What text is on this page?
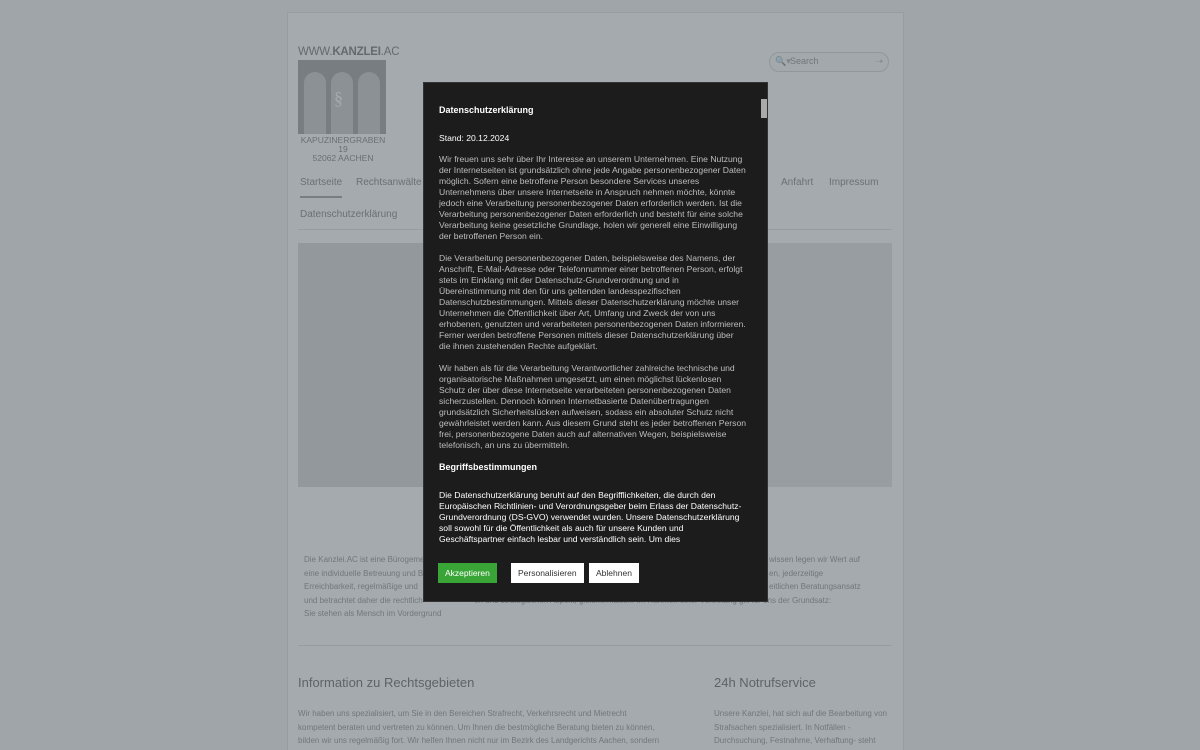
Search
Datenschutzerklärung
Stand: 20.12.2024

Wir freuen uns sehr über Ihr Interesse an unserem Unternehmen. Eine Nutzung der Internetseiten ist grundsätzlich ohne jede Angabe personenbezogener Daten möglich. Sofern eine betroffene Person besondere Services unseres Unternehmens über unsere Internetseite in Anspruch nehmen möchte, könnte jedoch eine Verarbeitung personenbezogener Daten erforderlich werden. Ist die Verarbeitung personenbezogener Daten erforderlich und besteht für eine solche Verarbeitung keine gesetzliche Grundlage, holen wir generell eine Einwilligung der betroffenen Person ein.

Die Verarbeitung personenbezogener Daten, beispielsweise des Namens, der Anschrift, E-Mail-Adresse oder Telefonnummer einer betroffenen Person, erfolgt stets im Einklang mit der Datenschutz-Grundverordnung und in Übereinstimmung mit den für uns geltenden landesspezifischen Datenschutzbestimmungen. Mittels dieser Datenschutzerklärung möchte unser Unternehmen die Öffentlichkeit über Art, Umfang und Zweck der von uns erhobenen, genutzten und verarbeiteten personenbezogenen Daten informieren. Ferner werden betroffene Personen mittels dieser Datenschutzerklärung über die ihnen zustehenden Rechte aufgeklärt.

Wir haben als für die Verarbeitung Verantwortlicher zahlreiche technische und organisatorische Maßnahmen umgesetzt, um einen möglichst lückenlosen Schutz der über diese Internetseite verarbeiteten personenbezogenen Daten sicherzustellen. Dennoch können Internetbasierte Datenübertragungen grundsätzlich Sicherheitslücken aufweisen, sodass ein absoluter Schutz nicht gewährleistet werden kann. Aus diesem Grund steht es jeder betroffenen Person frei, personenbezogene Daten auch auf alternativen Wegen, beispielsweise telefonisch, an uns zu übermitteln.

Begriffsbestimmungen

Die Datenschutzerklärung beruht auf den Begrifflichkeiten, die durch den Europäischen Richtlinien- und Verordnungsgeber beim Erlass der Datenschutz-Grundverordnung (DS-GVO) verwendet wurden. Unsere Datenschutzerklärung soll sowohl für die Öffentlichkeit als auch für unsere Kunden und Geschäftspartner einfach lesbar und verständlich sein. Um dies

Akzeptieren	Personalisieren	Ablehnen
